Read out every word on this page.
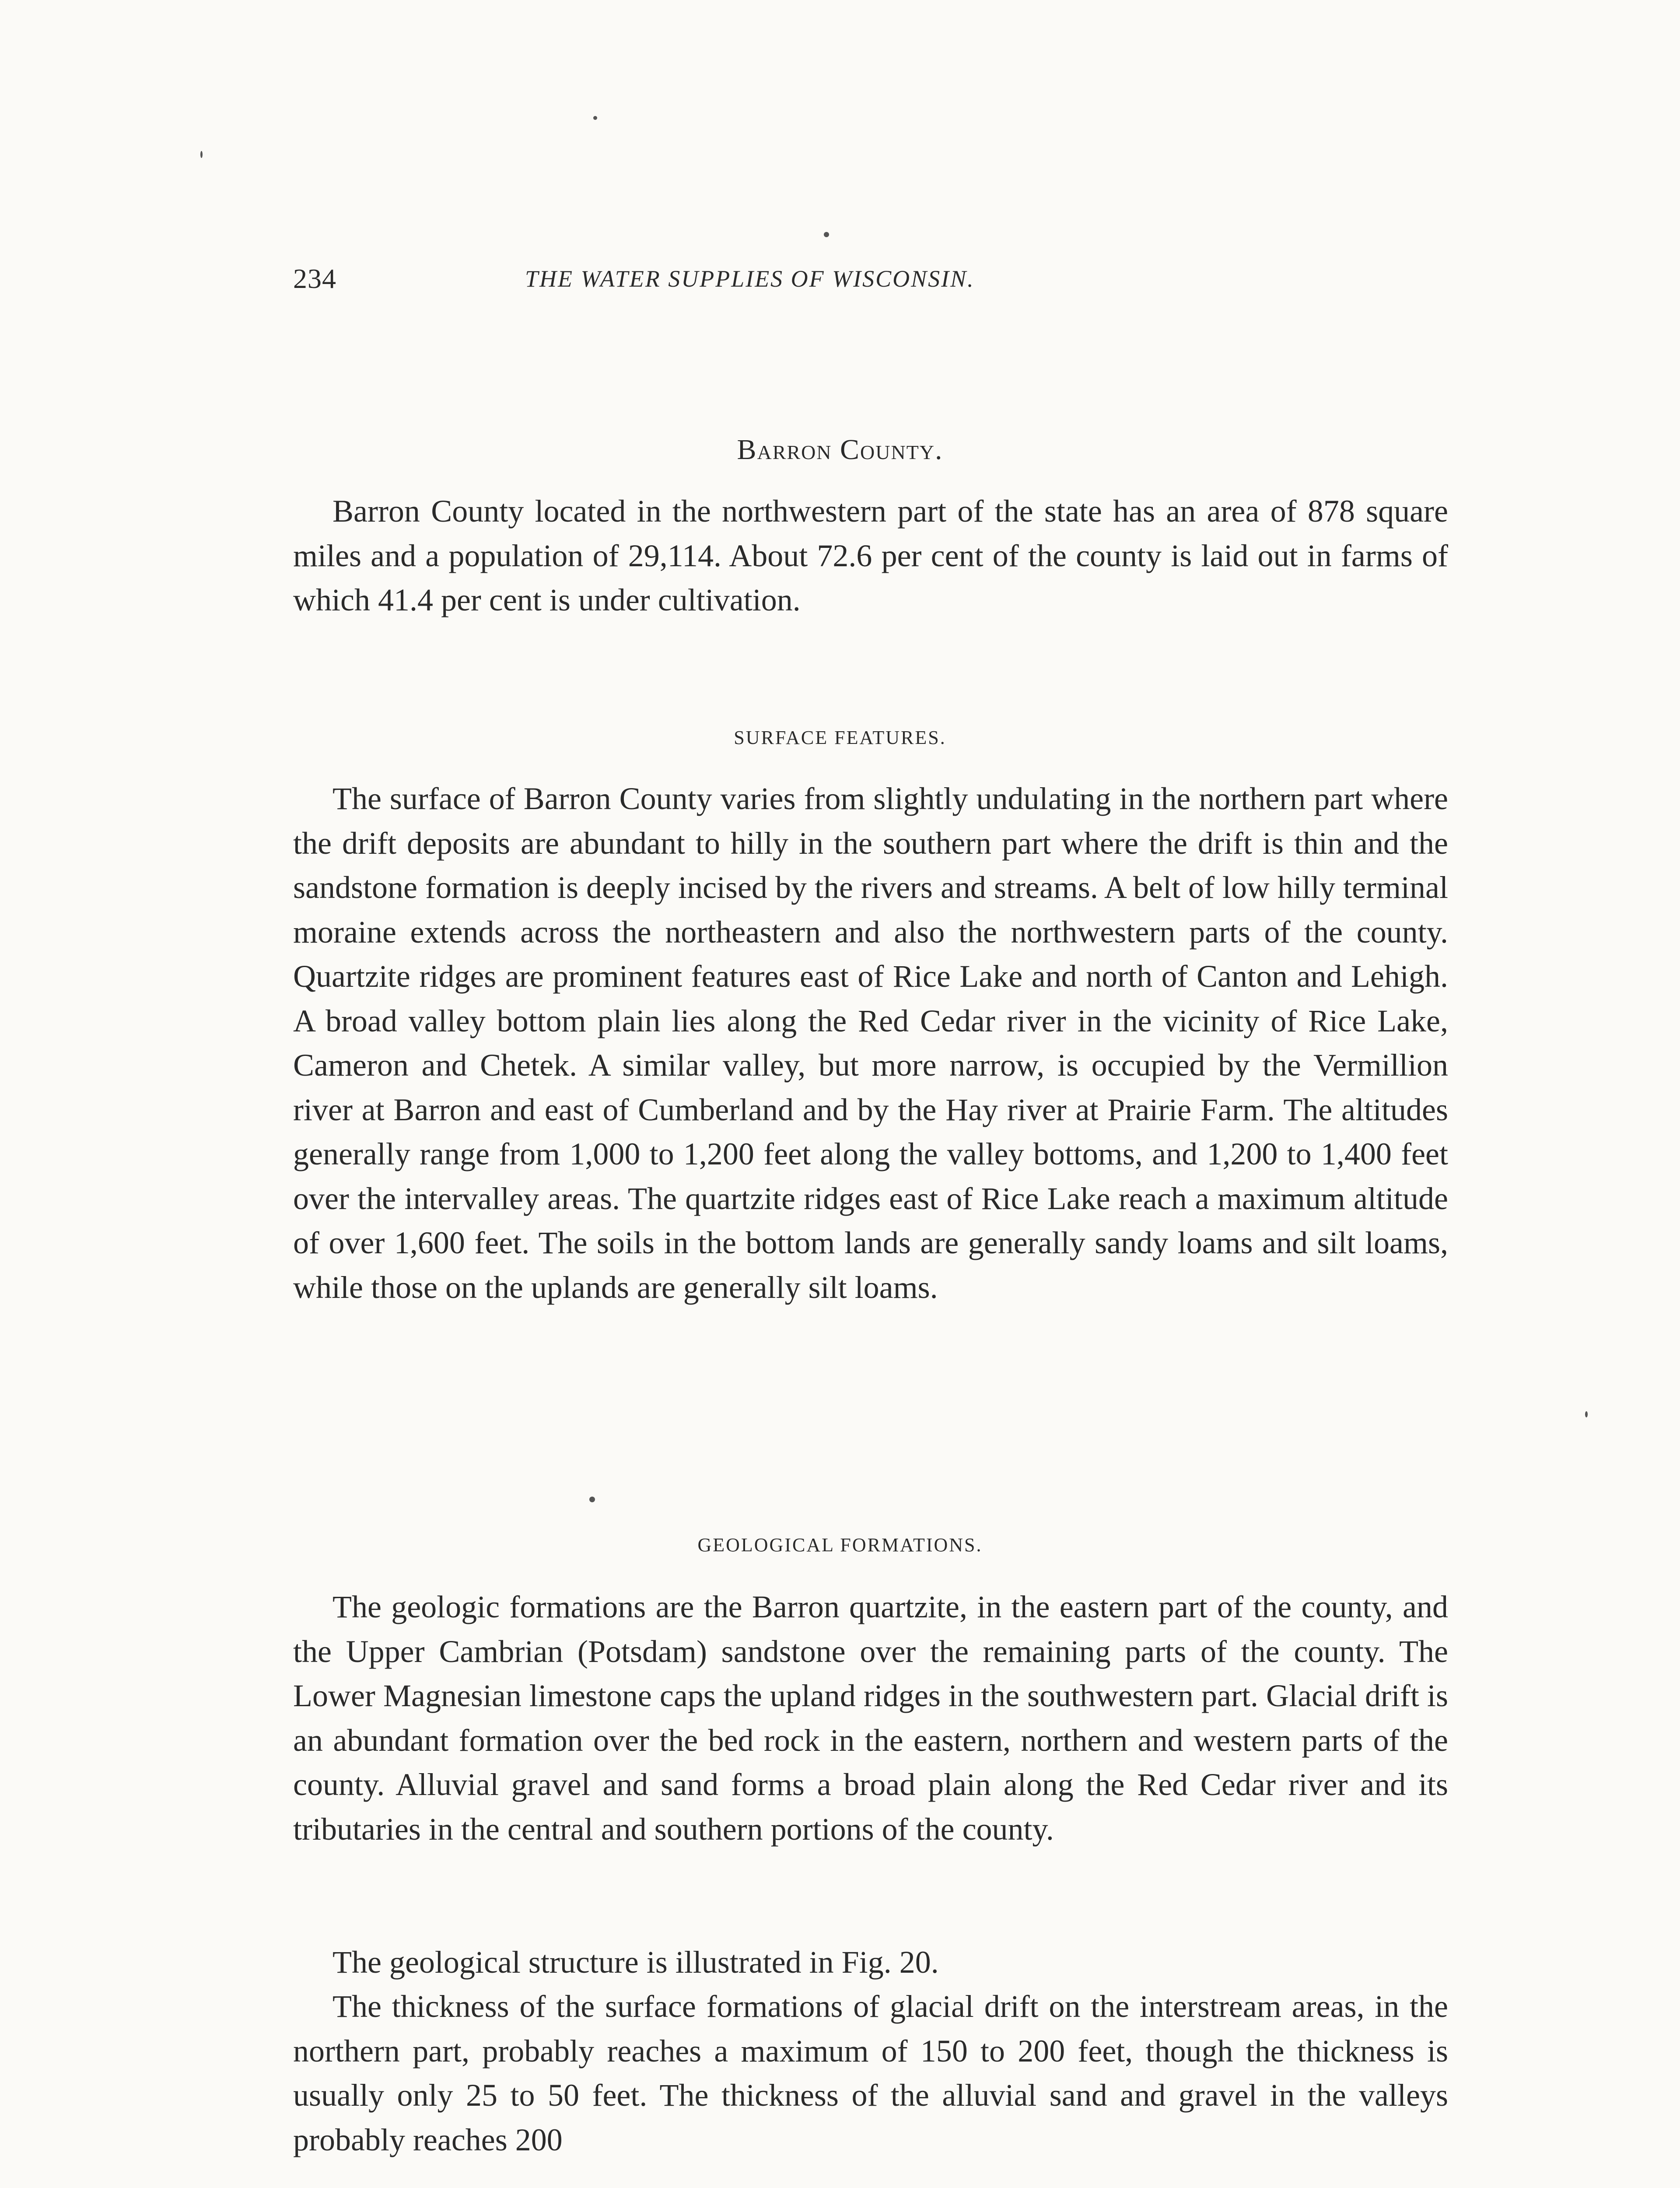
234	THE WATER SUPPLIES OF WISCONSIN.
Barron County.

Barron County located in the northwestern part of the state has an area of 878 square miles and a population of 29,114. About 72.6 per cent of the county is laid out in farms of which 41.4 per cent is under cultivation.

SURFACE FEATURES.

The surface of Barron County varies from slightly undulating in the northern part where the drift deposits are abundant to hilly in the southern part where the drift is thin and the sandstone formation is deeply incised by the rivers and streams. A belt of low hilly terminal moraine extends across the northeastern and also the northwestern parts of the county. Quartzite ridges are prominent features east of Rice Lake and north of Canton and Lehigh. A broad valley bottom plain lies along the Red Cedar river in the vicinity of Rice Lake, Cameron and Chetek. A similar valley, but more narrow, is occupied by the Vermillion river at Barron and east of Cumberland and by the Hay river at Prairie Farm. The altitudes generally range from 1,000 to 1,200 feet along the valley bottoms, and 1,200 to 1,400 feet over the intervalley areas. The quartzite ridges east of Rice Lake reach a maximum altitude of over 1,600 feet. The soils in the bottom lands are generally sandy loams and silt loams, while those on the uplands are generally silt loams.

GEOLOGICAL FORMATIONS.

The geologic formations are the Barron quartzite, in the eastern part of the county, and the Upper Cambrian (Potsdam) sandstone over the remaining parts of the county. The Lower Magnesian limestone caps the upland ridges in the southwestern part. Glacial drift is an abundant formation over the bed rock in the eastern, northern and western parts of the county. Alluvial gravel and sand forms a broad plain along the Red Cedar river and its tributaries in the central and southern portions of the county.

The geological structure is illustrated in Fig. 20.

The thickness of the surface formations of glacial drift on the interstream areas, in the northern part, probably reaches a maximum of 150 to 200 feet, though the thickness is usually only 25 to 50 feet. The thickness of the alluvial sand and gravel in the valleys probably reaches 200
